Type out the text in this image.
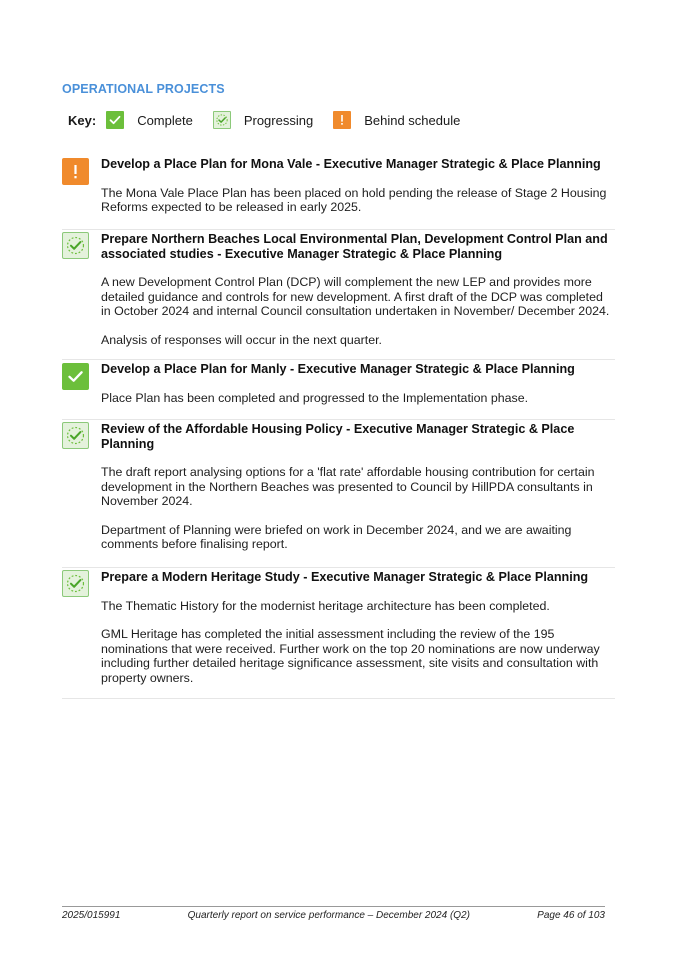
OPERATIONAL PROJECTS
Key:	Complete	Progressing	Behind schedule
Develop a Place Plan for Mona Vale - Executive Manager Strategic & Place Planning
The Mona Vale Place Plan has been placed on hold pending the release of Stage 2 Housing Reforms expected to be released in early 2025.
Prepare Northern Beaches Local Environmental Plan, Development Control Plan and associated studies - Executive Manager Strategic & Place Planning
A new Development Control Plan (DCP) will complement the new LEP and provides more detailed guidance and controls for new development. A first draft of the DCP was completed in October 2024 and internal Council consultation undertaken in November/ December 2024.
Analysis of responses will occur in the next quarter.
Develop a Place Plan for Manly - Executive Manager Strategic & Place Planning
Place Plan has been completed and progressed to the Implementation phase.
Review of the Affordable Housing Policy - Executive Manager Strategic & Place Planning
The draft report analysing options for a 'flat rate' affordable housing contribution for certain development in the Northern Beaches was presented to Council by HillPDA consultants in November 2024.
Department of Planning were briefed on work in December 2024, and we are awaiting comments before finalising report.
Prepare a Modern Heritage Study - Executive Manager Strategic & Place Planning
The Thematic History for the modernist heritage architecture has been completed.
GML Heritage has completed the initial assessment including the review of the 195 nominations that were received. Further work on the top 20 nominations are now underway including further detailed heritage significance assessment, site visits and consultation with property owners.
2025/015991	Quarterly report on service performance – December 2024 (Q2)	Page 46 of 103
